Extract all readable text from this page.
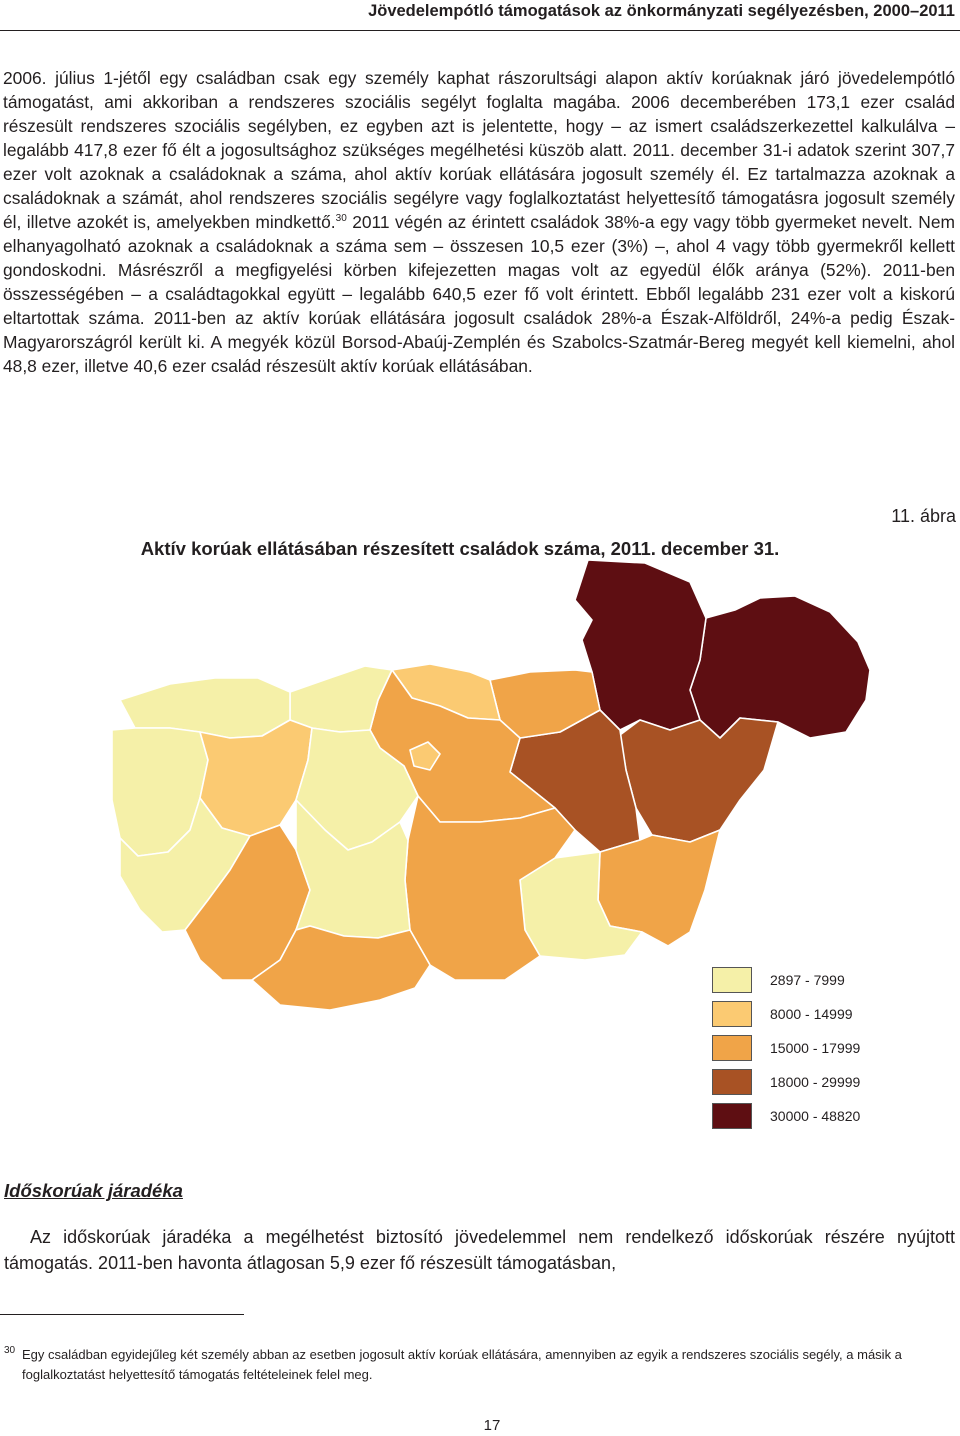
Jövedelempótló támogatások az önkormányzati segélyezésben, 2000–2011

2006. július 1-jétől egy családban csak egy személy kaphat rászorultsági alapon aktív korúaknak járó jövedelempótló támogatást, ami akkoriban a rendszeres szociális segélyt foglalta magába. 2006 decemberében 173,1 ezer család részesült rendszeres szociális segélyben, ez egyben azt is jelentette, hogy – az ismert családszerkezettel kalkulálva – legalább 417,8 ezer fő élt a jogosultsághoz szükséges megélhetési küszöb alatt. 2011. december 31-i adatok szerint 307,7 ezer volt azoknak a családoknak a száma, ahol aktív korúak ellátására jogosult személy él. Ez tartalmazza azoknak a családoknak a számát, ahol rendszeres szociális segélyre vagy foglalkoztatást helyettesítő támogatásra jogosult személy él, illetve azokét is, amelyekben mindkettő.$^{30}$ 2011 végén az érintett családok 38%-a egy vagy több gyermeket nevelt. Nem elhanyagolható azoknak a családoknak a száma sem – összesen 10,5 ezer (3%) –, ahol 4 vagy több gyermekről kellett gondoskodni. Másrészről a megfigyelési körben kifejezetten magas volt az egyedül élők aránya (52%). 2011-ben összességében – a családtagokkal együtt – legalább 640,5 ezer fő volt érintett. Ebből legalább 231 ezer volt a kiskorú eltartottak száma. 2011-ben az aktív korúak ellátására jogosult családok 28%-a Észak-Alföldről, 24%-a pedig Észak-Magyarországról került ki. A megyék közül Borsod-Abaúj-Zemplén és Szabolcs-Szatmár-Bereg megyét kell kiemelni, ahol 48,8 ezer, illetve 40,6 ezer család részesült aktív korúak ellátásában.

11. ábra
Aktív korúak ellátásában részesített családok száma, 2011. december 31.
2897 - 7999
8000 - 14999
15000 - 17999
18000 - 29999
30000 - 48820
Időskorúak járadéka

Az időskorúak járadéka a megélhetést biztosító jövedelemmel nem rendelkező időskorúak részére nyújtott támogatás. 2011-ben havonta átlagosan 5,9 ezer fő részesült támogatásban,

30 Egy családban egyidejűleg két személy abban az esetben jogosult aktív korúak ellátására, amennyiben az egyik a rendszeres szociális segély, a másik a foglalkoztatást helyettesítő támogatás feltételeinek felel meg.

17
